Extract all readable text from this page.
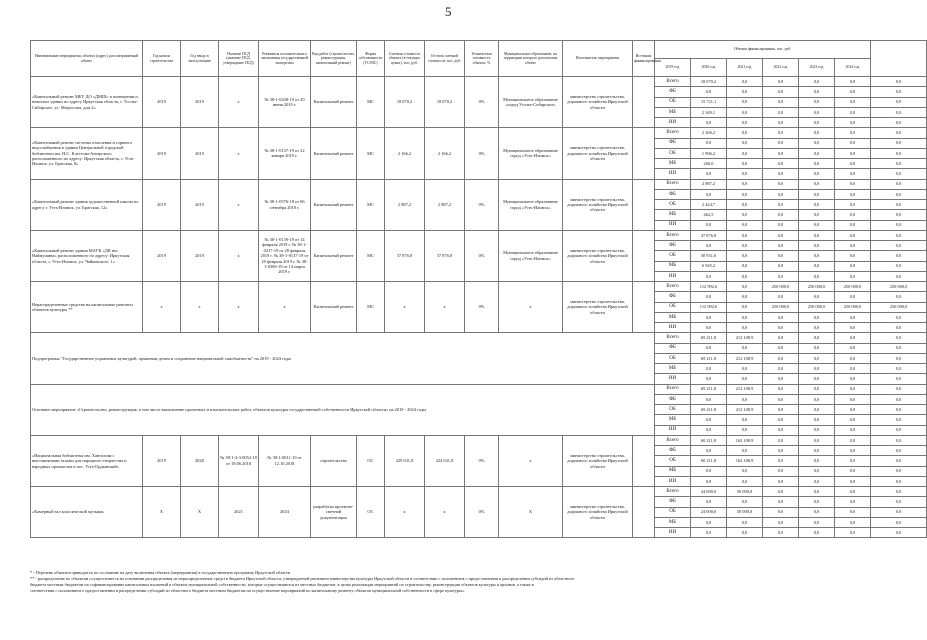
5
Наименование мероприятия, объекта (адрес), рассматриваемый объект	Год начала строительства	Год ввода в эксплуатацию	Наличие ПСД (наличие ПСД, утверждение ПСД)	Реквизиты положительного заключения государственной экспертизы	Вид работ (строительство, реконструкция, капитальный ремонт)	Форма собственности (ГС/МС)	Сметная стоимость объекта (в текущих ценах), тыс. руб.	Остаток сметной стоимости, тыс. руб.	Техническая готовность объекта, %	Муниципальное образование, на территории которого расположен объект	Исполнитель мероприятия	Источник финансирования	Объемы финансирования, тыс. руб.							
													2019 год	2020 год	2021 год	2022 год	2023 год	2024 год		
«Капитальный ремонт МБУ ДО «ДМШ» в помещении и нежилом здании по адресу Иркутская область, г. Усолье-Сибирское, ул. Матросова, дом 2»	2019	2019	х	№ 38-1-0438-19 от 20 июня 2019 г.	Капитальный ремонт	МС	18 070,2	18 070,2	0%	Муниципальное образование «город Усолье-Сибирское»	министерство строительства, дорожного хозяйства Иркутской области		Всего	18 070,2	0,0	0,0	0,0	0,0	0,0	
													ФБ	0,0	0,0	0,0	0,0	0,0	0,0	
													ОБ	15 721,1	0,0	0,0	0,0	0,0	0,0	
													МБ	2 349,1	0,0	0,0	0,0	0,0	0,0	
													ИИ	0,0	0,0	0,0	0,0	0,0	0,0	
«Капитальный ремонт системы отопления и горячего водоснабжения в здании Центральной городской библиотеки им. Н.С. Клестова-Ангарского расположенного по адресу: Иркутская область, г. Усть-Илимск, ул. Братская, 8»	2019	2019	х	№ 38-1-0137-19 от 22 января 2019 г.	Капитальный ремонт	МС	2 166,2	2 166,2	0%	Муниципальное образование город «Усть-Илимск»	министерство строительства, дорожного хозяйства Иркутской области		Всего	2 166,2	0,0	0,0	0,0	0,0	0,0	
													ФБ	0,0	0,0	0,0	0,0	0,0	0,0	
													ОБ	1 906,2	0,0	0,0	0,0	0,0	0,0	
													МБ	260,0	0,0	0,0	0,0	0,0	0,0	
													ИИ	0,0	0,0	0,0	0,0	0,0	0,0	
«Капитальный ремонт здания художественной школы по адресу г. Усть-Илимск, ул. Братская, 12»	2019	2019	х	№ 38-1-0576-18 от 06 сентября 2018 г.	Капитальный ремонт	МС	2 887,2	2 887,2	0%	Муниципальное образование город «Усть-Илимск»	министерство строительства, дорожного хозяйства Иркутской области		Всего	2 887,2	0,0	0,0	0,0	0,0	0,0	
													ФБ	0,0	0,0	0,0	0,0	0,0	0,0	
													ОБ	2 424,7	0,0	0,0	0,0	0,0	0,0	
													МБ	462,5	0,0	0,0	0,0	0,0	0,0	
													ИИ	0,0	0,0	0,0	0,0	0,0	0,0	
«Капитальный ремонт здания МАУК «ДК им. Наймушина» расположенного по адресу: Иркутская область, г. Усть-Илимск, ул. Чайковского, 1»	2019	2019	х	№ 38-1-0139-19 от 14 февраля 2019 г. № 38-1-0217-19 от 28 февраля 2019 г. № 38-1-0137-19 от 18 февраля 2019 г. № 38-1-0306-19 от 14 марта 2019 г.	Капитальный ремонт	МС	37 876,8	37 876,8	0%	Муниципальное образование город «Усть-Илимск»	министерство строительства, дорожного хозяйства Иркутской области		Всего	37 876,8	0,0	0,0	0,0	0,0	0,0	
													ФБ	0,0	0,0	0,0	0,0	0,0	0,0	
													ОБ	30 931,6	0,0	0,0	0,0	0,0	0,0	
													МБ	6 945,2	0,0	0,0	0,0	0,0	0,0	
													ИИ	0,0	0,0	0,0	0,0	0,0	0,0	
Нераспределенные средства на капитальные ремонты объектов культуры **	х	х	х	х	Капитальный ремонт	МС	х	х	0%	х	министерство строительства, дорожного хозяйства Иркутской области		Всего	112 992,6	0,0	250 000,0	250 000,0	250 000,0	250 000,0	
													ФБ	0,0	0,0	0,0	0,0	0,0	0,0	
													ОБ	112 992,6	0,0	250 000,0	250 000,0	250 000,0	250 000,0	
													МБ	0,0	0,0	0,0	0,0	0,0	0,0	
													ИИ	0,0	0,0	0,0	0,0	0,0	0,0	
Подпрограмма "Государственное управление культурой, архивным делом и сохранение национальной самобытности" на 2019 - 2024 годы													Всего	69 211,8	212 108,9	0,0	0,0	0,0	0,0	
													ФБ	0,0	0,0	0,0	0,0	0,0	0,0	
													ОБ	69 211,8	212 108,9	0,0	0,0	0,0	0,0	
													МБ	0,0	0,0	0,0	0,0	0,0	0,0	
													ИИ	0,0	0,0	0,0	0,0	0,0	0,0	
Основное мероприятие «Строительство, реконструкция, в том числе выполнение проектных и изыскательских работ, объектов культуры государственной собственности Иркутской области» на 2019 - 2024 годы													Всего	69 211,8	212 108,9	0,0	0,0	0,0	0,0	
													ФБ	0,0	0,0	0,0	0,0	0,0	0,0	
													ОБ	69 211,8	212 108,9	0,0	0,0	0,0	0,0	
													МБ	0,0	0,0	0,0	0,0	0,0	0,0	
													ИИ	0,0	0,0	0,0	0,0	0,0	0,0	
«Национальная библиотека им. Хангалова с выставочными залами для народного творчества и народных промыслов в пос. Усть-Ордынский»	2019	2020	№ 38-1-4-3-0052-18 от 18.06.2018	№ 38-1-0011-19 от 12.10.2018	строительство	ОС	229 631,8	224 631,8	0%	х	министерство строительства, дорожного хозяйства Иркутской области		Всего	60 211,8	162 108,9	0,0	0,0	0,0	0,0	
													ФБ	0,0	0,0	0,0	0,0	0,0	0,0	
													ОБ	60 211,8	162 108,9	0,0	0,0	0,0	0,0	
													МБ	0,0	0,0	0,0	0,0	0,0	0,0	
													ИИ	0,0	0,0	0,0	0,0	0,0	0,0	
«Камерный зал классической музыки»	Х	Х	2021	2024	разработка проектно-сметной документации	ОС	х	х	0%	Х	министерство строительства, дорожного хозяйства Иркутской области		Всего	24 000,0	50 000,0	0,0	0,0	0,0	0,0	
													ФБ	0,0	0,0	0,0	0,0	0,0	0,0	
													ОБ	24 000,0	50 000,0	0,0	0,0	0,0	0,0	
													МБ	0,0	0,0	0,0	0,0	0,0	0,0	
													ИИ	0,0	0,0	0,0	0,0	0,0	0,0	
* - Перечень объектов приводится по состоянию на дату включения объекта (мероприятия) в государственную программу Иркутской области
** - распределение по объектам осуществляется на основании распределения из нераспределенных средств бюджета Иркутской области, утвержденной решением министерства культуры Иркутской области в соответствии с положением о предоставлении и распределении субсидий из областного
бюджета местным бюджетам на софинансирование капитальных вложений в объекты муниципальной собственности, которые осуществляются из местных бюджетов, в целях реализации мероприятий по строительству, реконструкции объектов культуры и архивов, а также в
соответствии с положением о предоставлении и распределении субсидий из областного бюджета местным бюджетам на осуществление мероприятий по капитальному ремонту объектов муниципальной собственности в сфере культуры».
